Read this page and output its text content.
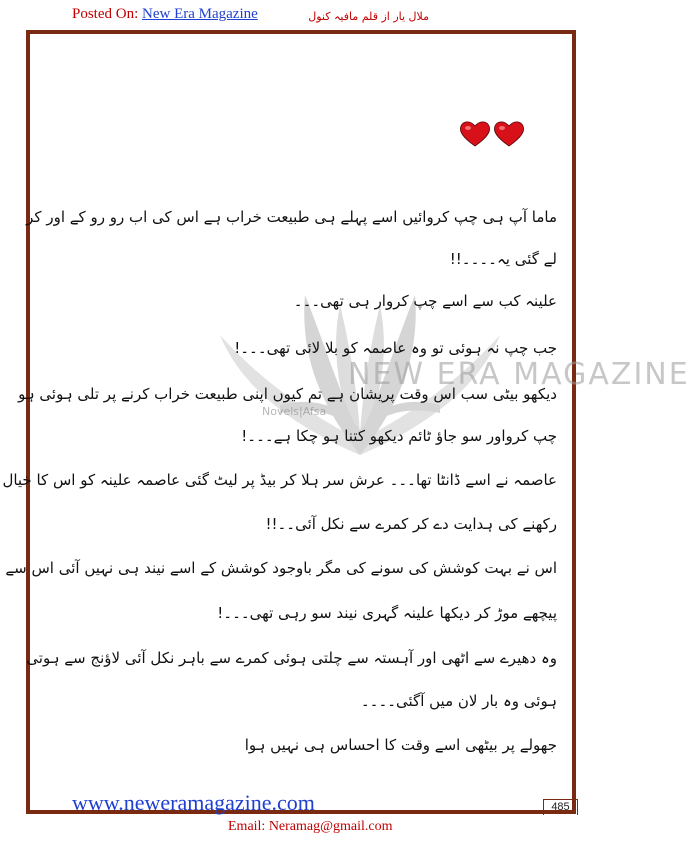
Posted On: New Era Magazine	ملال یار از قلم مافیہ کنول
NEW ERA MAGAZINE
Novels|Afsa
ماما آپ ہی چپ کروائیں اسے پہلے ہی طبیعت خراب ہے اس کی اب رو رو کے اور کر
لے گئی یہ۔۔۔۔!!
علینہ کب سے اسے چپ کروار ہی تھی۔۔۔
جب چپ نہ ہوئی تو وہ عاصمہ کو بلا لائی تھی۔۔۔!
دیکھو بیٹی سب اس وقت پریشان ہے تم کیوں اپنی طبیعت خراب کرنے پر تلی ہوئی ہو
چپ کرواور سو جاؤ ٹائم دیکھو کتنا ہو چکا ہے۔۔۔!
عاصمہ نے اسے ڈانٹا تھا۔۔۔ عرش سر ہلا کر بیڈ پر لیٹ گئی عاصمہ علینہ کو اس کا خیال
رکھنے کی ہدایت دے کر کمرے سے نکل آئی۔۔!!
اس نے بہت کوشش کی سونے کی مگر باوجود کوشش کے اسے نیند ہی نہیں آئی اس سے
پیچھے موڑ کر دیکھا علینہ گہری نیند سو رہی تھی۔۔۔!
وہ دھیرے سے اٹھی اور آہستہ سے چلتی ہوئی کمرے سے باہر نکل آئی لاؤنج سے ہوتی
ہوئی وہ بار لان میں آگئی۔۔۔۔
جھولے پر بیٹھی اسے وقت کا احساس ہی نہیں ہوا
www.neweramagazine.com	485
Email: Neramag@gmail.com
